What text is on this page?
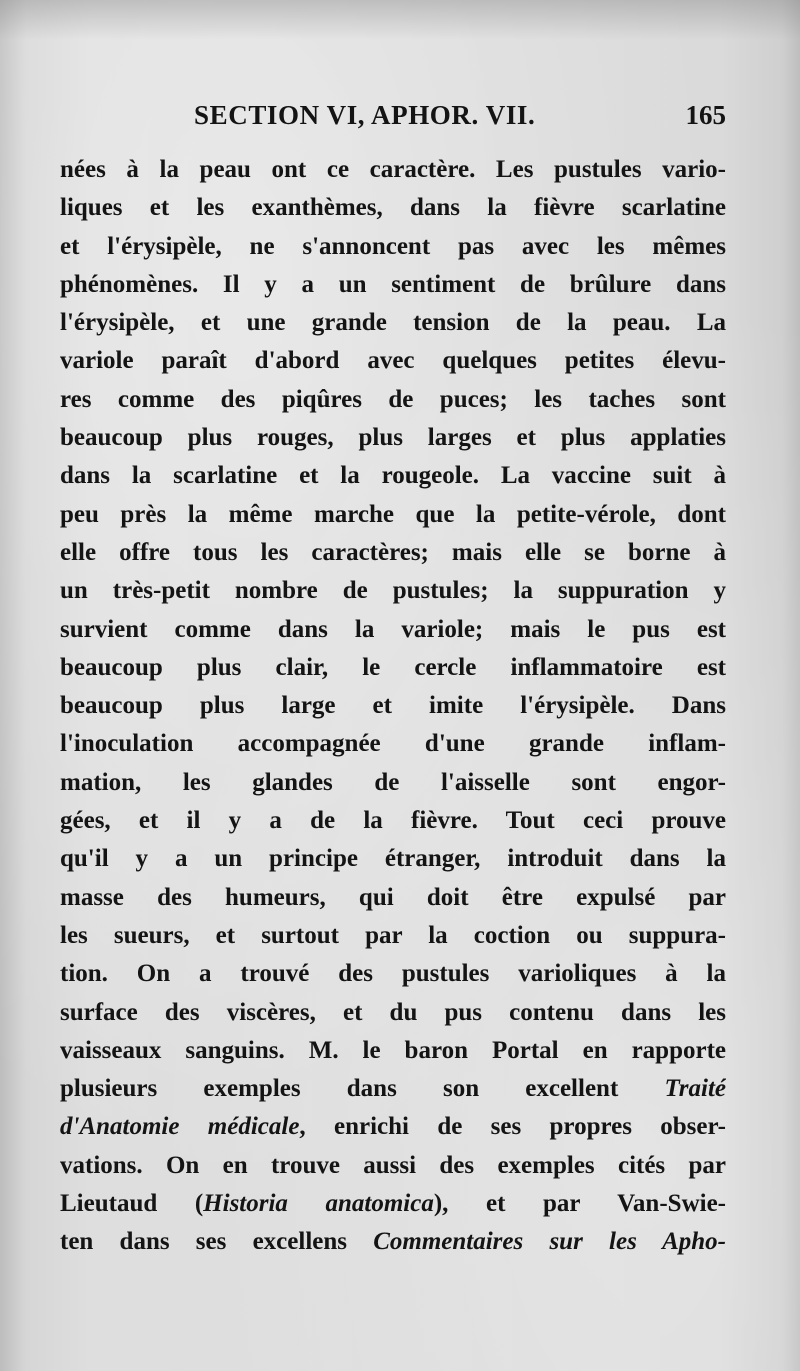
SECTION VI, APHOR. VII.	165
nées à la peau ont ce caractère. Les pustules vario-
liques et les exanthèmes, dans la fièvre scarlatine
et l'érysipèle, ne s'annoncent pas avec les mêmes
phénomènes. Il y a un sentiment de brûlure dans
l'érysipèle, et une grande tension de la peau. La
variole paraît d'abord avec quelques petites élevu-
res comme des piqûres de puces; les taches sont
beaucoup plus rouges, plus larges et plus applaties
dans la scarlatine et la rougeole. La vaccine suit à
peu près la même marche que la petite-vérole, dont
elle offre tous les caractères; mais elle se borne à
un très-petit nombre de pustules; la suppuration y
survient comme dans la variole; mais le pus est
beaucoup plus clair, le cercle inflammatoire est
beaucoup plus large et imite l'érysipèle. Dans
l'inoculation accompagnée d'une grande inflam-
mation, les glandes de l'aisselle sont engor-
gées, et il y a de la fièvre. Tout ceci prouve
qu'il y a un principe étranger, introduit dans la
masse des humeurs, qui doit être expulsé par
les sueurs, et surtout par la coction ou suppura-
tion. On a trouvé des pustules varioliques à la
surface des viscères, et du pus contenu dans les
vaisseaux sanguins. M. le baron Portal en rapporte
plusieurs exemples dans son excellent Traité
d'Anatomie médicale, enrichi de ses propres obser-
vations. On en trouve aussi des exemples cités par
Lieutaud (Historia anatomica), et par Van-Swie-
ten dans ses excellens Commentaires sur les Apho-
